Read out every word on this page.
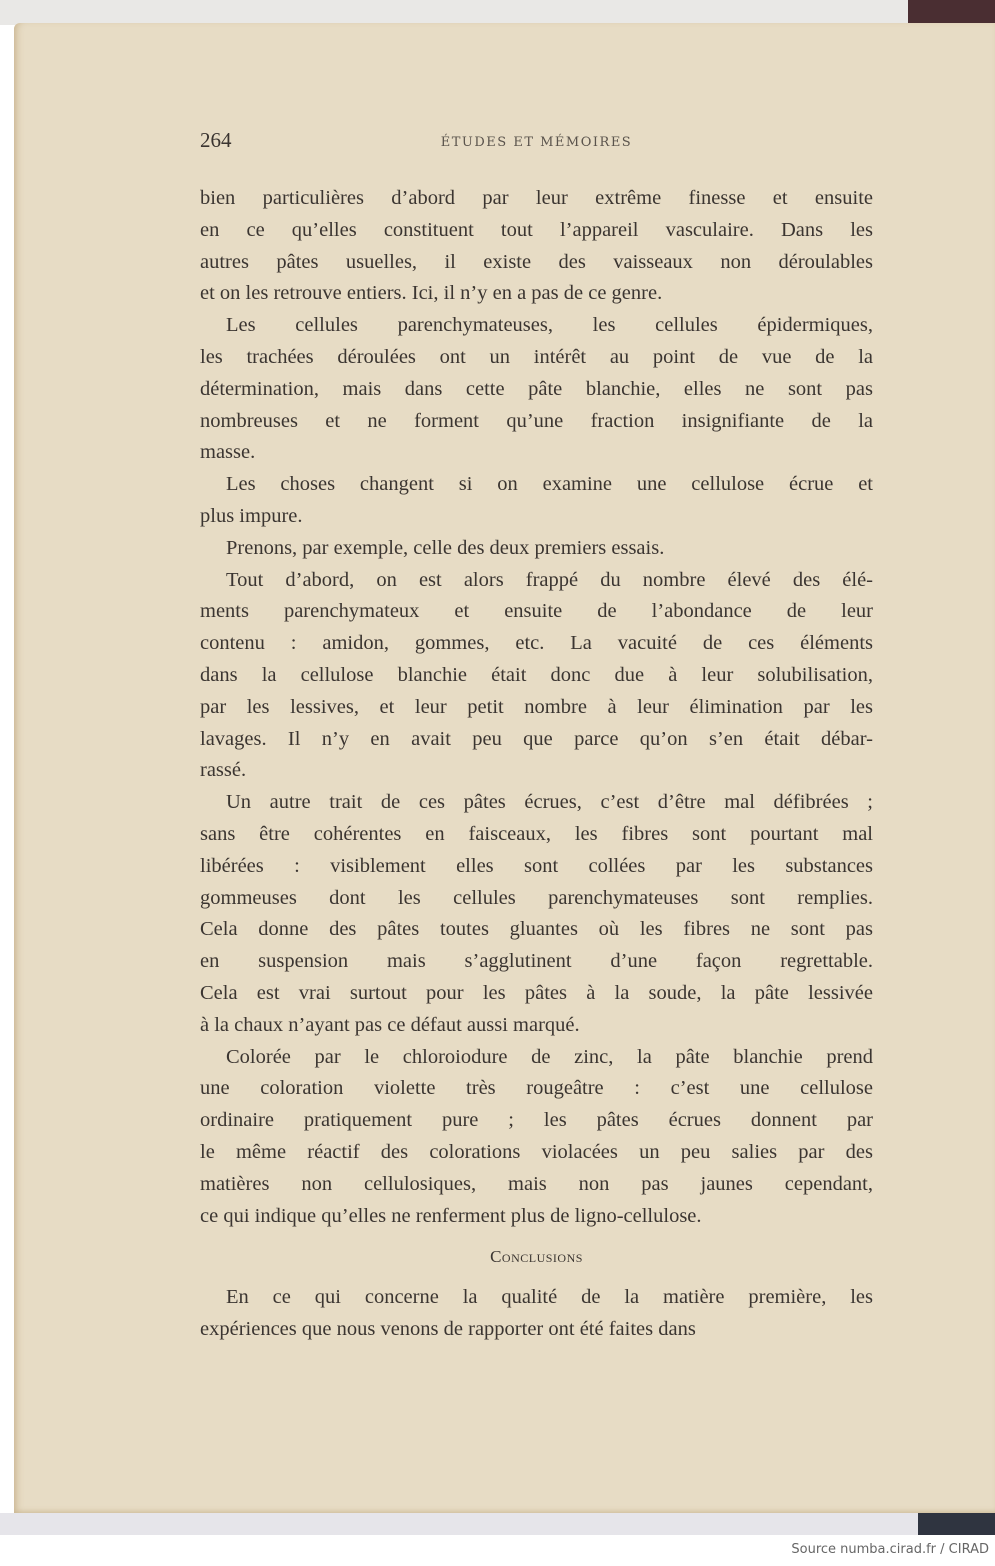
264	ÉTUDES ET MÉMOIRES
bien particulières d’abord par leur extrême finesse et ensuite
en ce qu’elles constituent tout l’appareil vasculaire. Dans les
autres pâtes usuelles, il existe des vaisseaux non déroulables
et on les retrouve entiers. Ici, il n’y en a pas de ce genre.
Les cellules parenchymateuses, les cellules épidermiques,
les trachées déroulées ont un intérêt au point de vue de la
détermination, mais dans cette pâte blanchie, elles ne sont pas
nombreuses et ne forment qu’une fraction insignifiante de la
masse.
Les choses changent si on examine une cellulose écrue et
plus impure.
Prenons, par exemple, celle des deux premiers essais.
Tout d’abord, on est alors frappé du nombre élevé des élé-
ments parenchymateux et ensuite de l’abondance de leur
contenu : amidon, gommes, etc. La vacuité de ces éléments
dans la cellulose blanchie était donc due à leur solubilisation,
par les lessives, et leur petit nombre à leur élimination par les
lavages. Il n’y en avait peu que parce qu’on s’en était débar-
rassé.
Un autre trait de ces pâtes écrues, c’est d’être mal défibrées ;
sans être cohérentes en faisceaux, les fibres sont pourtant mal
libérées : visiblement elles sont collées par les substances
gommeuses dont les cellules parenchymateuses sont remplies.
Cela donne des pâtes toutes gluantes où les fibres ne sont pas
en suspension mais s’agglutinent d’une façon regrettable.
Cela est vrai surtout pour les pâtes à la soude, la pâte lessivée
à la chaux n’ayant pas ce défaut aussi marqué.
Colorée par le chloroiodure de zinc, la pâte blanchie prend
une coloration violette très rougeâtre : c’est une cellulose
ordinaire pratiquement pure ; les pâtes écrues donnent par
le même réactif des colorations violacées un peu salies par des
matières non cellulosiques, mais non pas jaunes cependant,
ce qui indique qu’elles ne renferment plus de ligno-cellulose.
Conclusions
En ce qui concerne la qualité de la matière première, les
expériences que nous venons de rapporter ont été faites dans
Source numba.cirad.fr / CIRAD
